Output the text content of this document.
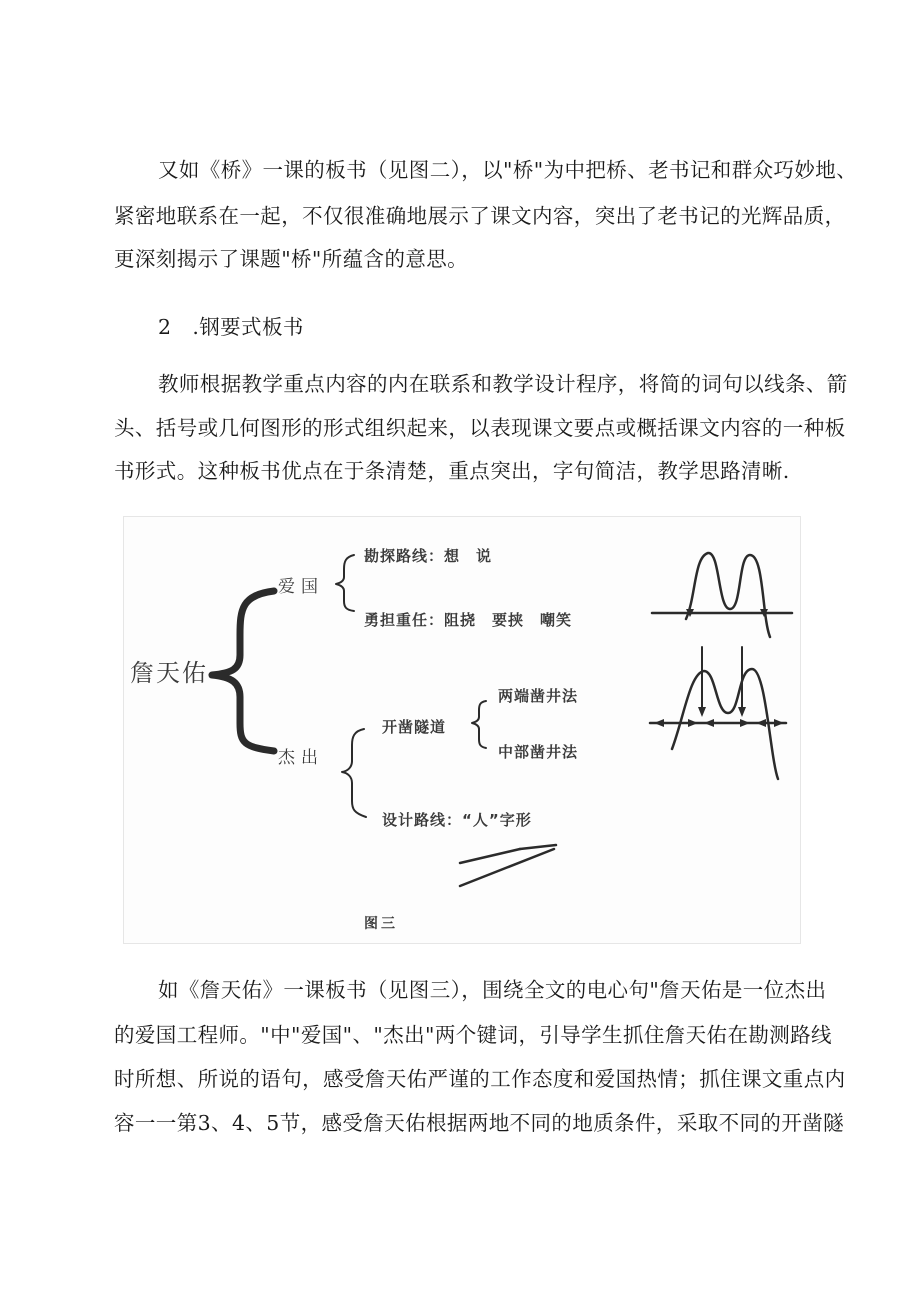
又如《桥》一课的板书（见图二），以"桥"为中把桥、老书记和群众巧妙地、
紧密地联系在一起，不仅很准确地展示了课文内容，突出了老书记的光辉品质，
更深刻揭示了课题"桥"所蕴含的意思。
2　.钢要式板书
教师根据教学重点内容的内在联系和教学设计程序，将简的词句以线条、箭
头、括号或几何图形的形式组织起来，以表现课文要点或概括课文内容的一种板
书形式。这种板书优点在于条清楚，重点突出，字句简洁，教学思路清晰.
詹天佑
爱国
勘探路线：想　说
勇担重任：阻挠　要挟　嘲笑
杰出
开凿隧道
两端凿井法
中部凿井法
设计路线：“人”字形
图三
如《詹天佑》一课板书（见图三），围绕全文的电心句"詹天佑是一位杰出
的爱国工程师。"中"爱国"、"杰出"两个键词，引导学生抓住詹天佑在勘测路线
时所想、所说的语句，感受詹天佑严谨的工作态度和爱国热情；抓住课文重点内
容一一第3、4、5节，感受詹天佑根据两地不同的地质条件，采取不同的开凿隧
